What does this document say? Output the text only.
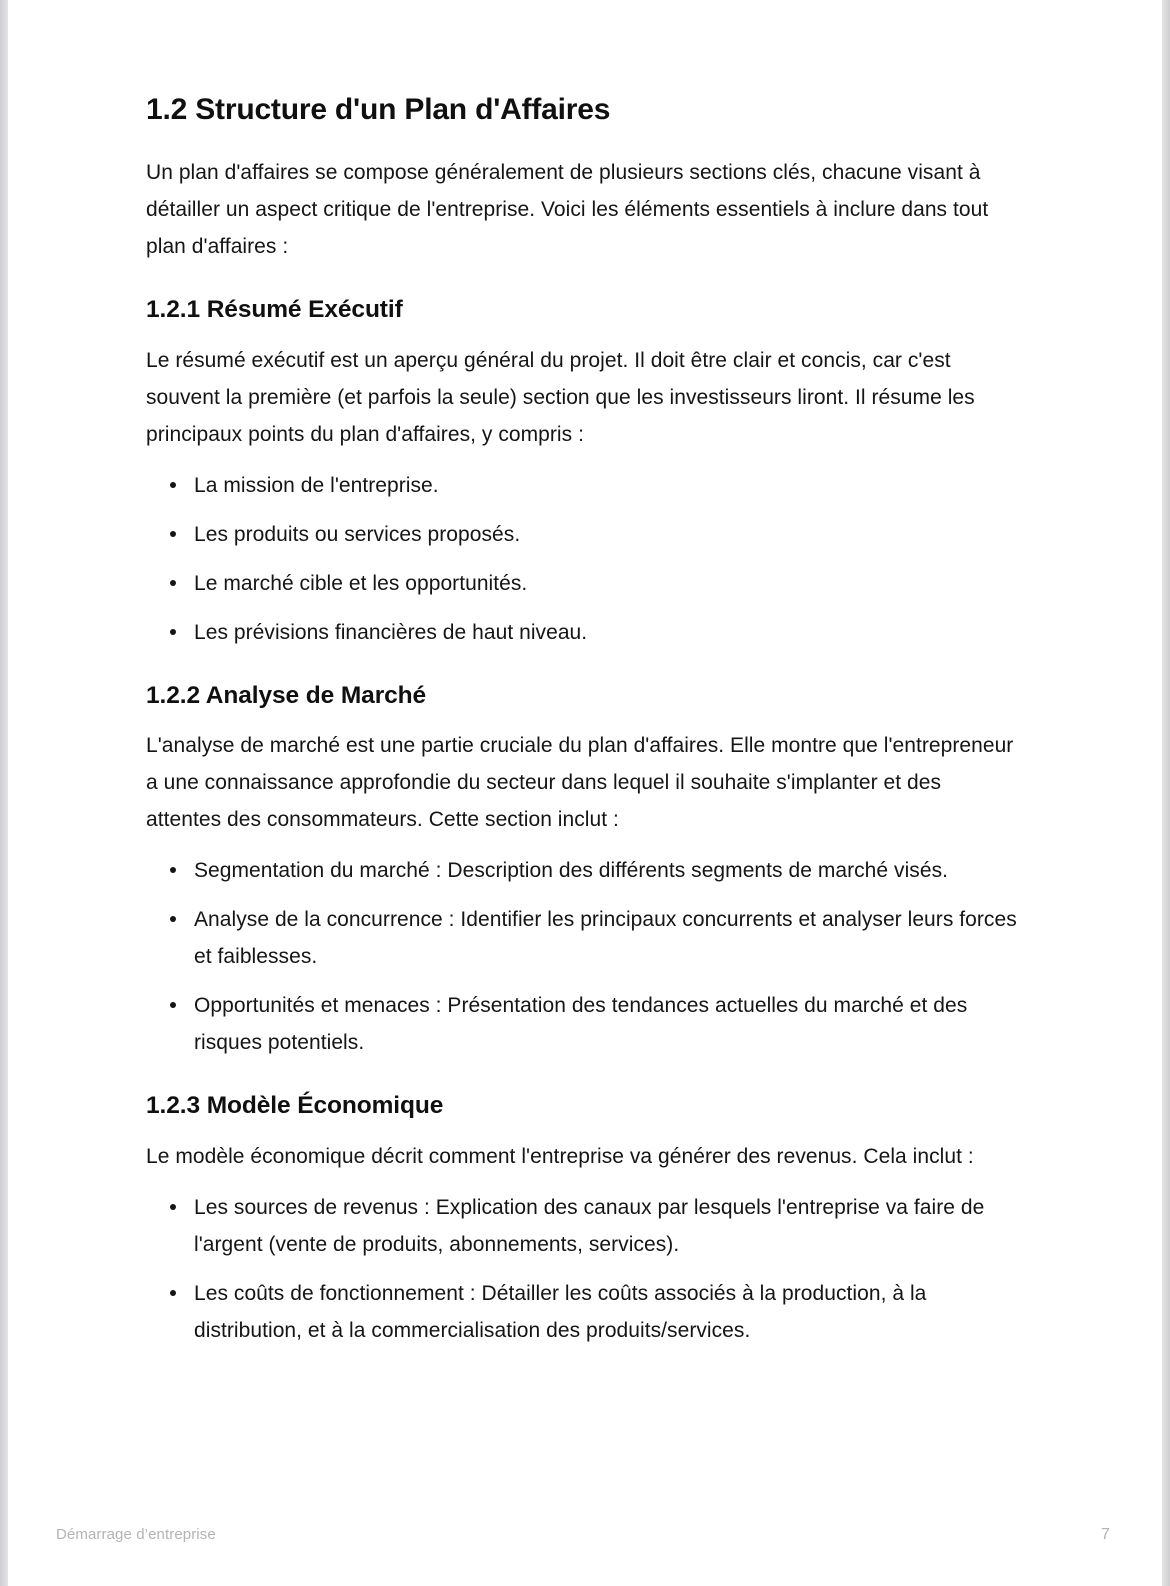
1.2 Structure d'un Plan d'Affaires

Un plan d'affaires se compose généralement de plusieurs sections clés, chacune visant à détailler un aspect critique de l'entreprise. Voici les éléments essentiels à inclure dans tout plan d'affaires :

1.2.1 Résumé Exécutif

Le résumé exécutif est un aperçu général du projet. Il doit être clair et concis, car c'est souvent la première (et parfois la seule) section que les investisseurs liront. Il résume les principaux points du plan d'affaires, y compris :

La mission de l'entreprise.
Les produits ou services proposés.
Le marché cible et les opportunités.
Les prévisions financières de haut niveau.
1.2.2 Analyse de Marché

L'analyse de marché est une partie cruciale du plan d'affaires. Elle montre que l'entrepreneur a une connaissance approfondie du secteur dans lequel il souhaite s'implanter et des attentes des consommateurs. Cette section inclut :

Segmentation du marché : Description des différents segments de marché visés.
Analyse de la concurrence : Identifier les principaux concurrents et analyser leurs forces et faiblesses.
Opportunités et menaces : Présentation des tendances actuelles du marché et des risques potentiels.
1.2.3 Modèle Économique

Le modèle économique décrit comment l'entreprise va générer des revenus. Cela inclut :

Les sources de revenus : Explication des canaux par lesquels l'entreprise va faire de l'argent (vente de produits, abonnements, services).
Les coûts de fonctionnement : Détailler les coûts associés à la production, à la distribution, et à la commercialisation des produits/services.
Démarrage d’entreprise	7
